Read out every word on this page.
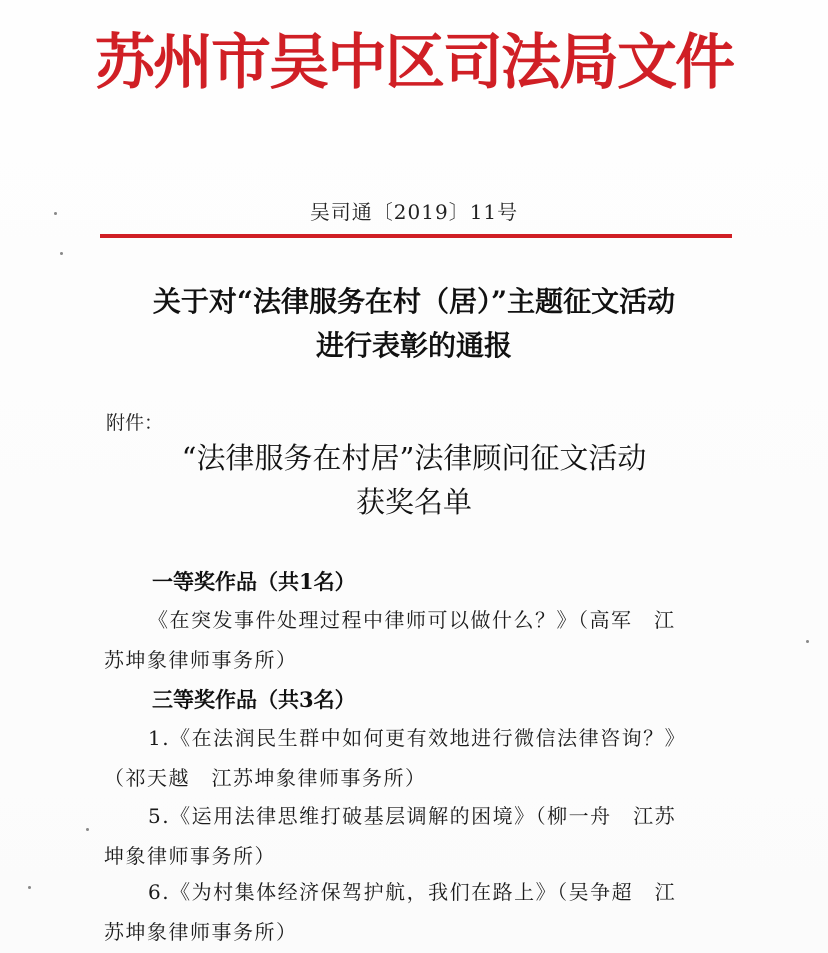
苏州市吴中区司法局文件
吴司通〔2019〕11号
关于对“法律服务在村（居）”主题征文活动
进行表彰的通报
附件：
“法律服务在村居”法律顾问征文活动
获奖名单
一等奖作品（共1名）
《在突发事件处理过程中律师可以做什么？》（高军　江
苏坤象律师事务所）
三等奖作品（共3名）
1.《在法润民生群中如何更有效地进行微信法律咨询？》
（祁天越　江苏坤象律师事务所）
5.《运用法律思维打破基层调解的困境》（柳一舟　江苏
坤象律师事务所）
6.《为村集体经济保驾护航，我们在路上》（吴争超　江
苏坤象律师事务所）
